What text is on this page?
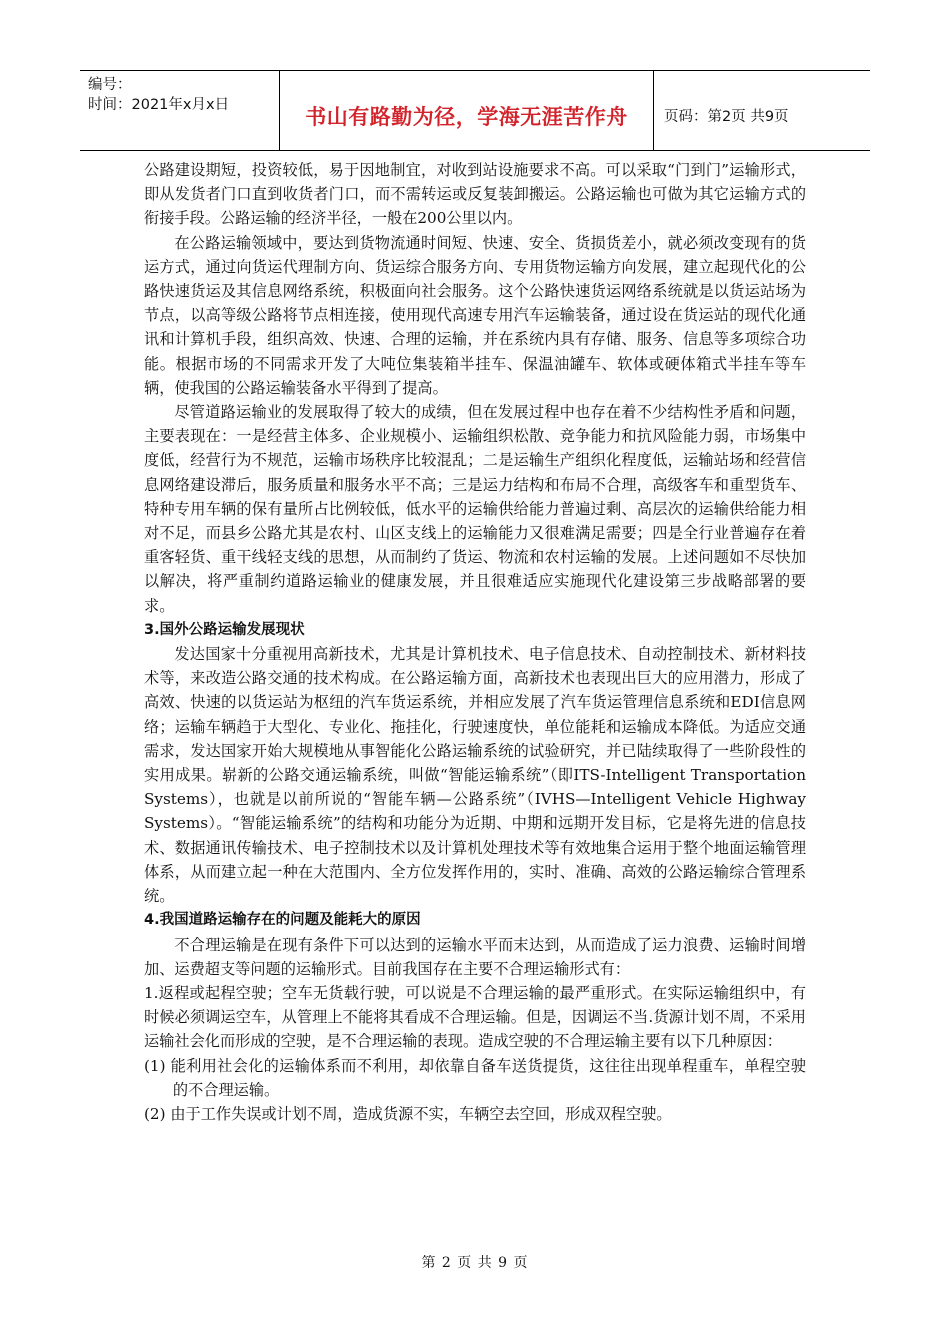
编号：
时间：2021年x月x日	书山有路勤为径，学海无涯苦作舟	页码：第2页 共9页

公路建设期短，投资较低，易于因地制宜，对收到站设施要求不高。可以采取“门到门”运输形式，即从发货者门口直到收货者门口，而不需转运或反复装卸搬运。公路运输也可做为其它运输方式的衔接手段。公路运输的经济半径，一般在200公里以内。

在公路运输领域中，要达到货物流通时间短、快速、安全、货损货差小，就必须改变现有的货运方式，通过向货运代理制方向、货运综合服务方向、专用货物运输方向发展，建立起现代化的公路快速货运及其信息网络系统，积极面向社会服务。这个公路快速货运网络系统就是以货运站场为节点，以高等级公路将节点相连接，使用现代高速专用汽车运输装备，通过设在货运站的现代化通讯和计算机手段，组织高效、快速、合理的运输，并在系统内具有存储、服务、信息等多项综合功能。根据市场的不同需求开发了大吨位集装箱半挂车、保温油罐车、软体或硬体箱式半挂车等车辆，使我国的公路运输装备水平得到了提高。

尽管道路运输业的发展取得了较大的成绩，但在发展过程中也存在着不少结构性矛盾和问题，主要表现在：一是经营主体多、企业规模小、运输组织松散、竞争能力和抗风险能力弱，市场集中度低，经营行为不规范，运输市场秩序比较混乱；二是运输生产组织化程度低，运输站场和经营信息网络建设滞后，服务质量和服务水平不高；三是运力结构和布局不合理，高级客车和重型货车、特种专用车辆的保有量所占比例较低，低水平的运输供给能力普遍过剩、高层次的运输供给能力相对不足，而县乡公路尤其是农村、山区支线上的运输能力又很难满足需要；四是全行业普遍存在着重客轻货、重干线轻支线的思想，从而制约了货运、物流和农村运输的发展。上述问题如不尽快加以解决，将严重制约道路运输业的健康发展，并且很难适应实施现代化建设第三步战略部署的要求。

3.国外公路运输发展现状

发达国家十分重视用高新技术，尤其是计算机技术、电子信息技术、自动控制技术、新材料技术等，来改造公路交通的技术构成。在公路运输方面，高新技术也表现出巨大的应用潜力，形成了高效、快速的以货运站为枢纽的汽车货运系统，并相应发展了汽车货运管理信息系统和EDI信息网络；运输车辆趋于大型化、专业化、拖挂化，行驶速度快，单位能耗和运输成本降低。为适应交通需求，发达国家开始大规模地从事智能化公路运输系统的试验研究，并已陆续取得了一些阶段性的实用成果。崭新的公路交通运输系统，叫做“智能运输系统”（即ITS-Intelligent Transportation Systems），也就是以前所说的“智能车辆—公路系统”（IVHS—Intelligent Vehicle Highway Systems）。“智能运输系统”的结构和功能分为近期、中期和远期开发目标，它是将先进的信息技术、数据通讯传输技术、电子控制技术以及计算机处理技术等有效地集合运用于整个地面运输管理体系，从而建立起一种在大范围内、全方位发挥作用的，实时、准确、高效的公路运输综合管理系统。

4.我国道路运输存在的问题及能耗大的原因

不合理运输是在现有条件下可以达到的运输水平而末达到，从而造成了运力浪费、运输时间增加、运费超支等问题的运输形式。目前我国存在主要不合理运输形式有：

1.返程或起程空驶；空车无货载行驶，可以说是不合理运输的最严重形式。在实际运输组织中，有时候必须调运空车，从管理上不能将其看成不合理运输。但是，因调运不当.货源计划不周，不采用运输社会化而形成的空驶，是不合理运输的表现。造成空驶的不合理运输主要有以下几种原因：

(1) 能利用社会化的运输体系而不利用，却依靠自备车送货提货，这往往出现单程重车，单程空驶的不合理运输。

(2) 由于工作失误或计划不周，造成货源不实，车辆空去空回，形成双程空驶。

第 2 页 共 9 页
